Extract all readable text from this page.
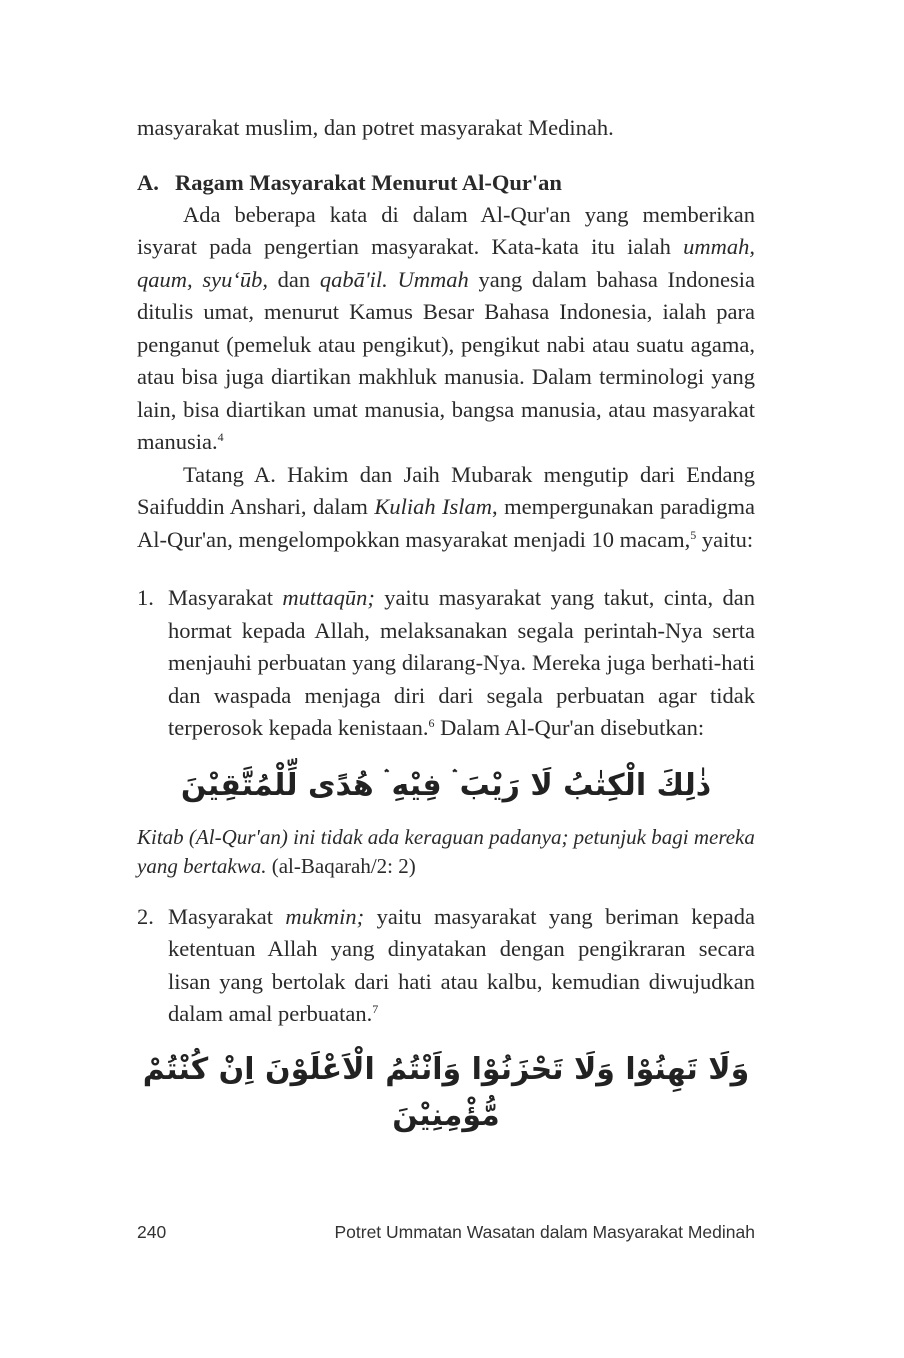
masyarakat muslim, dan potret masyarakat Medinah.

A. Ragam Masyarakat Menurut Al-Qur'an

Ada beberapa kata di dalam Al-Qur'an yang memberikan isyarat pada pengertian masyarakat. Kata-kata itu ialah ummah, qaum, syu‘ūb, dan qabā'il. Ummah yang dalam bahasa Indonesia ditulis umat, menurut Kamus Besar Bahasa Indonesia, ialah para penganut (pemeluk atau pengikut), pengikut nabi atau suatu agama, atau bisa juga diartikan makhluk manusia. Dalam terminologi yang lain, bisa diartikan umat manusia, bangsa manusia, atau masyarakat manusia.$^4$

Tatang A. Hakim dan Jaih Mubarak mengutip dari Endang Saifuddin Anshari, dalam Kuliah Islam, mempergunakan paradigma Al-Qur'an, mengelompokkan masyarakat menjadi 10 macam,$^5$ yaitu:

1. Masyarakat muttaqūn; yaitu masyarakat yang takut, cinta, dan hormat kepada Allah, melaksanakan segala perintah-Nya serta menjauhi perbuatan yang dilarang-Nya. Mereka juga berhati-hati dan waspada menjaga diri dari segala perbuatan agar tidak terperosok kepada kenistaan.$^6$ Dalam Al-Qur'an disebutkan:

ذٰلِكَ الْكِتٰبُ لَا رَيْبَ ۛ فِيْهِ ۛ هُدًى لِّلْمُتَّقِيْنَ

Kitab (Al-Qur'an) ini tidak ada keraguan padanya; petunjuk bagi mereka yang bertakwa. (al-Baqarah/2: 2)

2. Masyarakat mukmin; yaitu masyarakat yang beriman kepada ketentuan Allah yang dinyatakan dengan pengikraran secara lisan yang bertolak dari hati atau kalbu, kemudian diwujudkan dalam amal perbuatan.$^7$

وَلَا تَهِنُوْا وَلَا تَحْزَنُوْا وَاَنْتُمُ الْاَعْلَوْنَ اِنْ كُنْتُمْ مُّؤْمِنِيْنَ
240	Potret Ummatan Wasatan dalam Masyarakat Medinah
